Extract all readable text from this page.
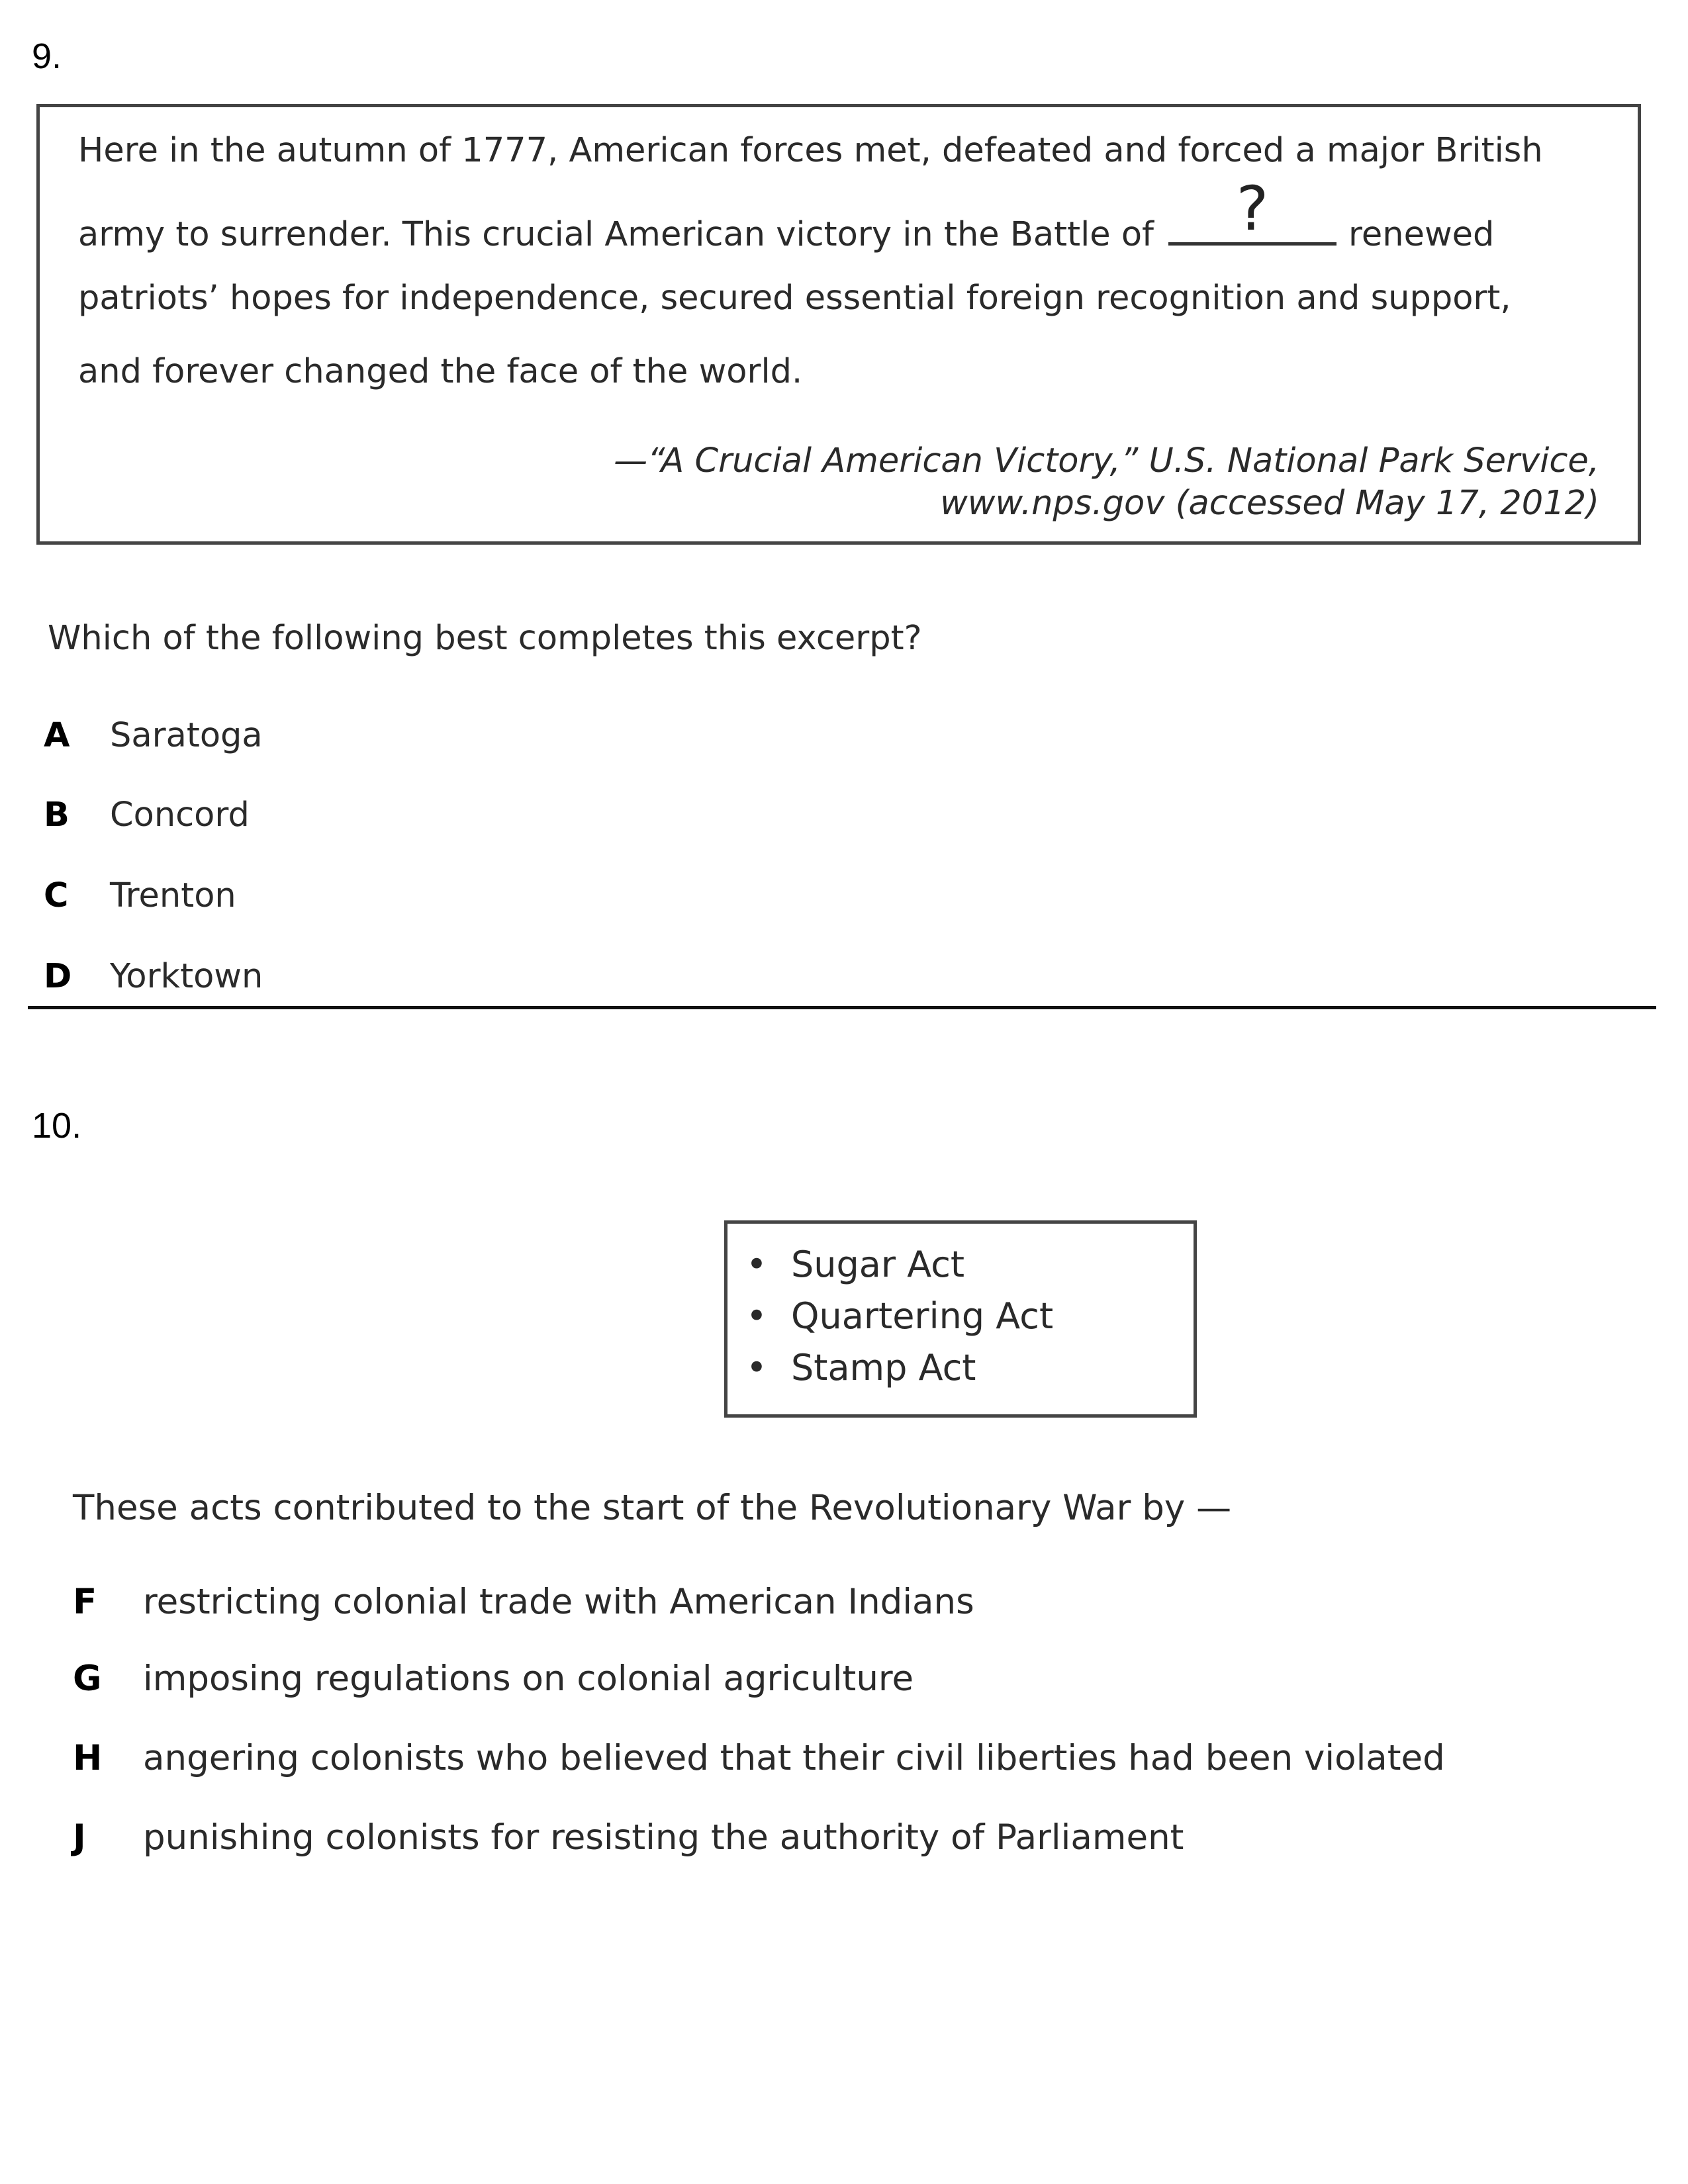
9.
Here in the autumn of 1777, American forces met, defeated and forced a major British
army to surrender. This crucial American victory in the Battle of	?	renewed
patriots’ hopes for independence, secured essential foreign recognition and support,
and forever changed the face of the world.
—“A Crucial American Victory,” U.S. National Park Service,
www.nps.gov (accessed May 17, 2012)
Which of the following best completes this excerpt?
A Saratoga
B Concord
C Trenton
D Yorktown
10.
• Sugar Act
• Quartering Act
• Stamp Act
These acts contributed to the start of the Revolutionary War by —
F restricting colonial trade with American Indians
G imposing regulations on colonial agriculture
H angering colonists who believed that their civil liberties had been violated
J punishing colonists for resisting the authority of Parliament
